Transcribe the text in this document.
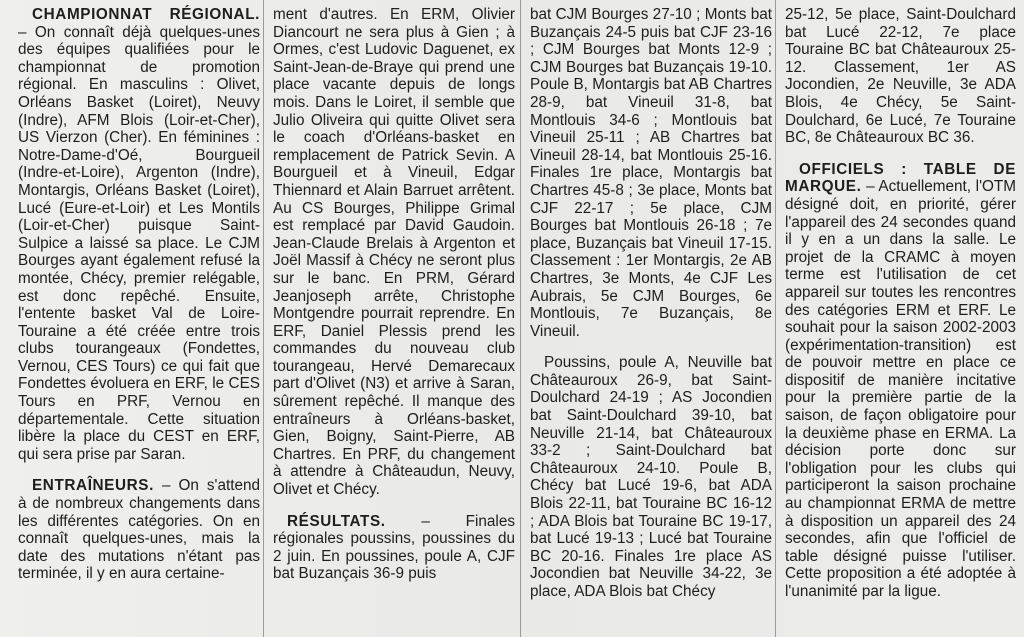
CHAMPIONNAT RÉGIONAL. – On connaît déjà quelques-unes des équipes qualifiées pour le championnat de promotion régional. En masculins : Olivet, Orléans Basket (Loiret), Neuvy (Indre), AFM Blois (Loir-et-Cher), US Vierzon (Cher). En féminines : Notre-Dame-d'Oé, Bourgueil (Indre-et-Loire), Argenton (Indre), Montargis, Orléans Basket (Loiret), Lucé (Eure-et-Loir) et Les Montils (Loir-et-Cher) puisque Saint-Sulpice a laissé sa place. Le CJM Bourges ayant également refusé la montée, Chécy, premier relégable, est donc repêché. Ensuite, l'entente basket Val de Loire-Touraine a été créée entre trois clubs tourangeaux (Fondettes, Vernou, CES Tours) ce qui fait que Fondettes évoluera en ERF, le CES Tours en PRF, Vernou en départementale. Cette situation libère la place du CEST en ERF, qui sera prise par Saran.

ENTRAÎNEURS. – On s'attend à de nombreux changements dans les différentes catégories. On en connaît quelques-unes, mais la date des mutations n'étant pas terminée, il y en aura certaine-

ment d'autres. En ERM, Olivier Diancourt ne sera plus à Gien ; à Ormes, c'est Ludovic Daguenet, ex Saint-Jean-de-Braye qui prend une place vacante depuis de longs mois. Dans le Loiret, il semble que Julio Oliveira qui quitte Olivet sera le coach d'Orléans-basket en remplacement de Patrick Sevin. A Bourgueil et à Vineuil, Edgar Thiennard et Alain Barruet arrêtent. Au CS Bourges, Philippe Grimal est remplacé par David Gaudoin. Jean-Claude Brelais à Argenton et Joël Massif à Chécy ne seront plus sur le banc. En PRM, Gérard Jeanjoseph arrête, Christophe Montgendre pourrait reprendre. En ERF, Daniel Plessis prend les commandes du nouveau club tourangeau, Hervé Demarecaux part d'Olivet (N3) et arrive à Saran, sûrement repêché. Il manque des entraîneurs à Orléans-basket, Gien, Boigny, Saint-Pierre, AB Chartres. En PRF, du changement à attendre à Châteaudun, Neuvy, Olivet et Chécy.

RÉSULTATS. – Finales régionales poussins, poussines du 2 juin. En poussines, poule A, CJF bat Buzançais 36-9 puis

bat CJM Bourges 27-10 ; Monts bat Buzançais 24-5 puis bat CJF 23-16 ; CJM Bourges bat Monts 12-9 ; CJM Bourges bat Buzançais 19-10. Poule B, Montargis bat AB Chartres 28-9, bat Vineuil 31-8, bat Montlouis 34-6 ; Montlouis bat Vineuil 25-11 ; AB Chartres bat Vineuil 28-14, bat Montlouis 25-16. Finales 1re place, Montargis bat Chartres 45-8 ; 3e place, Monts bat CJF 22-17 ; 5e place, CJM Bourges bat Montlouis 26-18 ; 7e place, Buzançais bat Vineuil 17-15. Classement : 1er Montargis, 2e AB Chartres, 3e Monts, 4e CJF Les Aubrais, 5e CJM Bourges, 6e Montlouis, 7e Buzançais, 8e Vineuil.

Poussins, poule A, Neuville bat Châteauroux 26-9, bat Saint-Doulchard 24-19 ; AS Jocondien bat Saint-Doulchard 39-10, bat Neuville 21-14, bat Châteauroux 33-2 ; Saint-Doulchard bat Châteauroux 24-10. Poule B, Chécy bat Lucé 19-6, bat ADA Blois 22-11, bat Touraine BC 16-12 ; ADA Blois bat Touraine BC 19-17, bat Lucé 19-13 ; Lucé bat Touraine BC 20-16. Finales 1re place AS Jocondien bat Neuville 34-22, 3e place, ADA Blois bat Chécy

25-12, 5e place, Saint-Doulchard bat Lucé 22-12, 7e place Touraine BC bat Châteauroux 25-12. Classement, 1er AS Jocondien, 2e Neuville, 3e ADA Blois, 4e Chécy, 5e Saint-Doulchard, 6e Lucé, 7e Touraine BC, 8e Châteauroux BC 36.

OFFICIELS : TABLE DE MARQUE. – Actuellement, l'OTM désigné doit, en priorité, gérer l'appareil des 24 secondes quand il y en a un dans la salle. Le projet de la CRAMC à moyen terme est l'utilisation de cet appareil sur toutes les rencontres des catégories ERM et ERF. Le souhait pour la saison 2002-2003 (expérimentation-transition) est de pouvoir mettre en place ce dispositif de manière incitative pour la première partie de la saison, de façon obligatoire pour la deuxième phase en ERMA. La décision porte donc sur l'obligation pour les clubs qui participeront la saison prochaine au championnat ERMA de mettre à disposition un appareil des 24 secondes, afin que l'officiel de table désigné puisse l'utiliser. Cette proposition a été adoptée à l'unanimité par la ligue.
